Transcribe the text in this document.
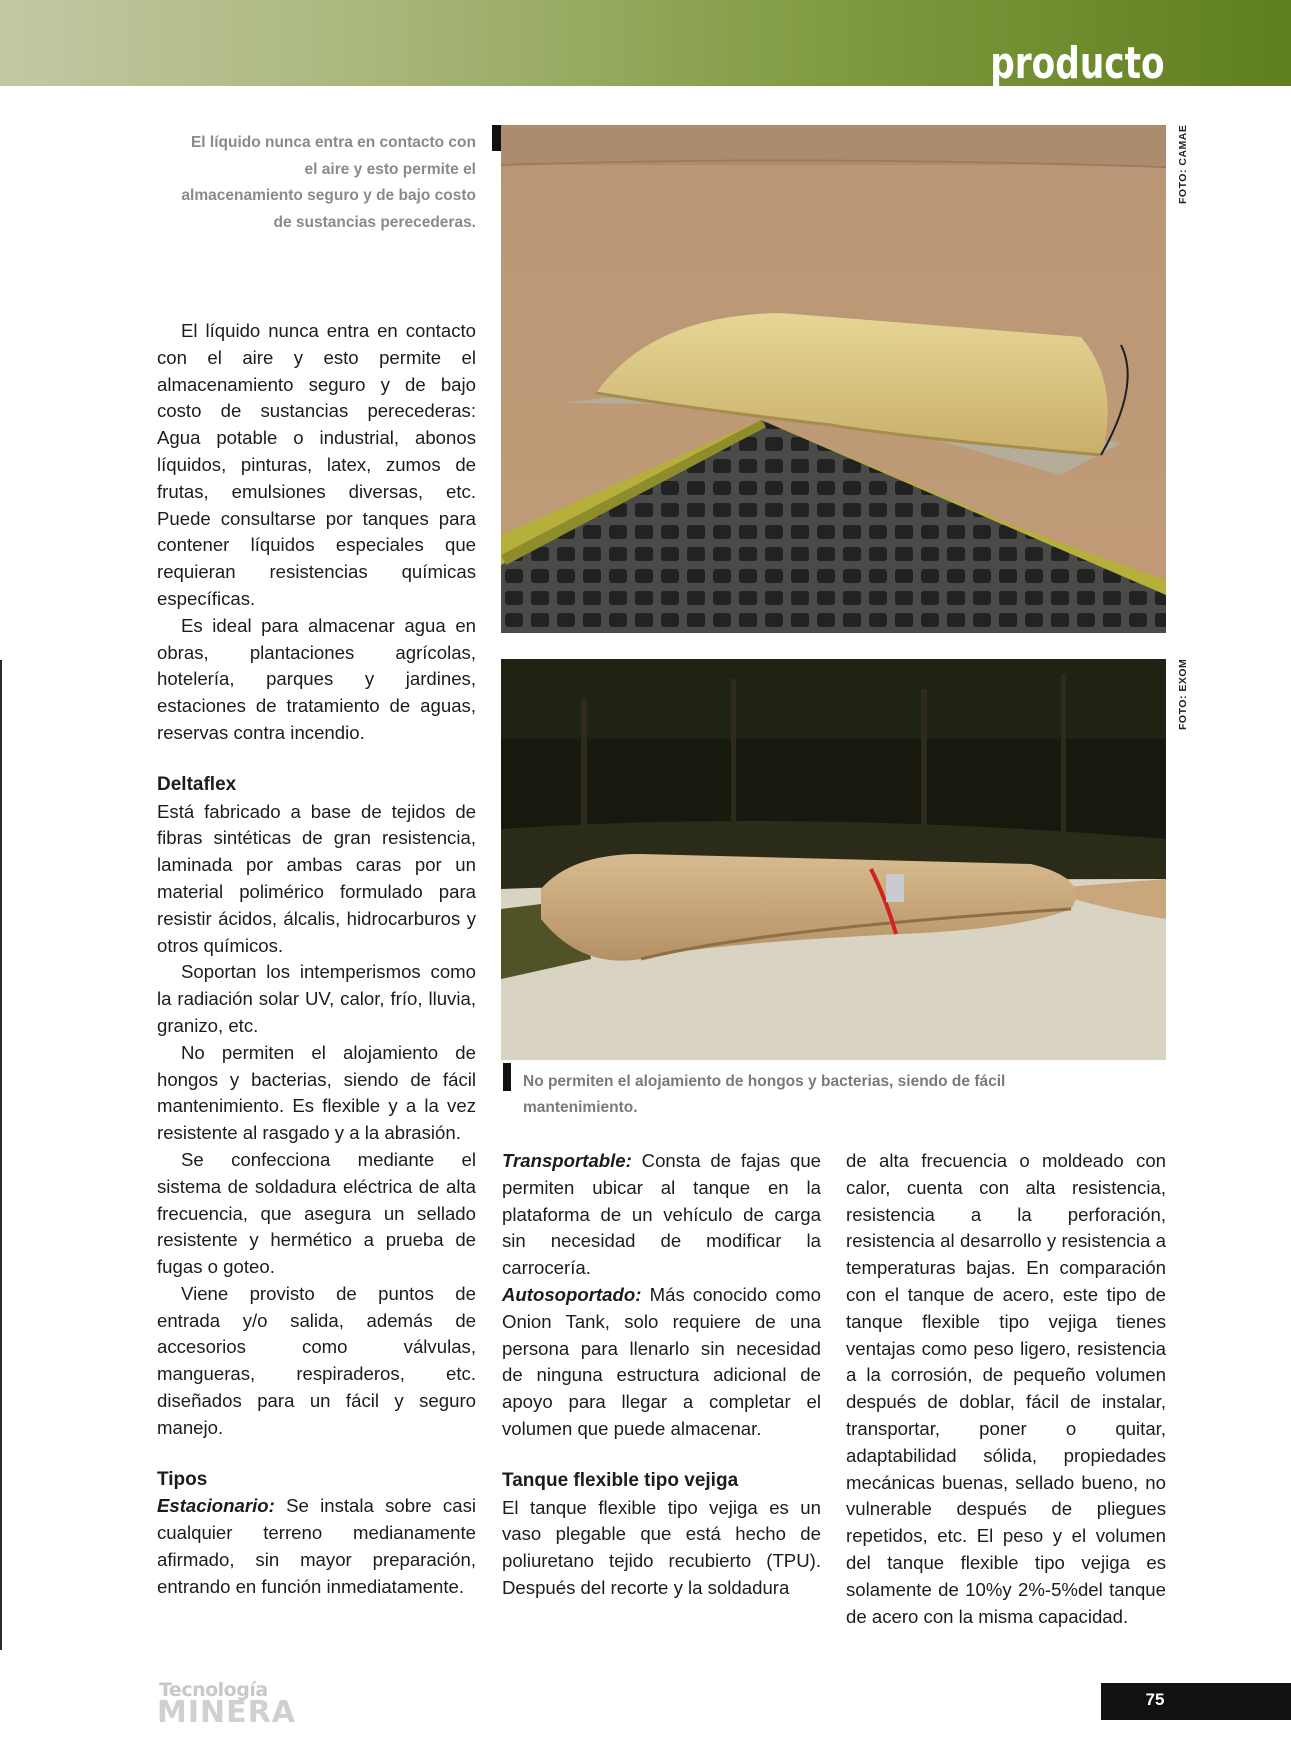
producto
El líquido nunca entra en contacto con el aire y esto permite el almacenamiento seguro y de bajo costo de sustancias perecederas.

El líquido nunca entra en contacto con el aire y esto permite el almacenamiento seguro y de bajo costo de sustancias perecederas: Agua potable o industrial, abonos líquidos, pinturas, latex, zumos de frutas, emulsiones diversas, etc. Puede consultarse por tanques para contener líquidos especiales que requieran resistencias químicas específicas.

Es ideal para almacenar agua en obras, plantaciones agrícolas, hotelería, parques y jardines, estaciones de tratamiento de aguas, reservas contra incendio.

Deltaflex

Está fabricado a base de tejidos de fibras sintéticas de gran resistencia, laminada por ambas caras por un material polimérico formulado para resistir ácidos, álcalis, hidrocarburos y otros químicos.

Soportan los intemperismos como la radiación solar UV, calor, frío, lluvia, granizo, etc.

No permiten el alojamiento de hongos y bacterias, siendo de fácil mantenimiento. Es flexible y a la vez resistente al rasgado y a la abrasión.

Se confecciona mediante el sistema de soldadura eléctrica de alta frecuencia, que asegura un sellado resistente y hermético a prueba de fugas o goteo.

Viene provisto de puntos de entrada y/o salida, además de accesorios como válvulas, mangueras, respiraderos, etc. diseñados para un fácil y seguro manejo.

Tipos

Estacionario: Se instala sobre casi cualquier terreno medianamente afirmado, sin mayor preparación, entrando en función inmediatamente.

FOTO: CAMAE
FOTO: EXOM
No permiten el alojamiento de hongos y bacterias, siendo de fácil mantenimiento.

Transportable: Consta de fajas que permiten ubicar al tanque en la plataforma de un vehículo de carga sin necesidad de modificar la carrocería.

Autosoportado: Más conocido como Onion Tank, solo requiere de una persona para llenarlo sin necesidad de ninguna estructura adicional de apoyo para llegar a completar el volumen que puede almacenar.

Tanque flexible tipo vejiga

El tanque flexible tipo vejiga es un vaso plegable que está hecho de poliuretano tejido recubierto (TPU). Después del recorte y la soldadura

de alta frecuencia o moldeado con calor, cuenta con alta resistencia, resistencia a la perforación, resistencia al desarrollo y resistencia a temperaturas bajas. En comparación con el tanque de acero, este tipo de tanque flexible tipo vejiga tienes ventajas como peso ligero, resistencia a la corrosión, de pequeño volumen después de doblar, fácil de instalar, transportar, poner o quitar, adaptabilidad sólida, propiedades mecánicas buenas, sellado bueno, no vulnerable después de pliegues repetidos, etc. El peso y el volumen del tanque flexible tipo vejiga es solamente de 10%y 2%-5%del tanque de acero con la misma capacidad.

Tecnología
MINERA	75
